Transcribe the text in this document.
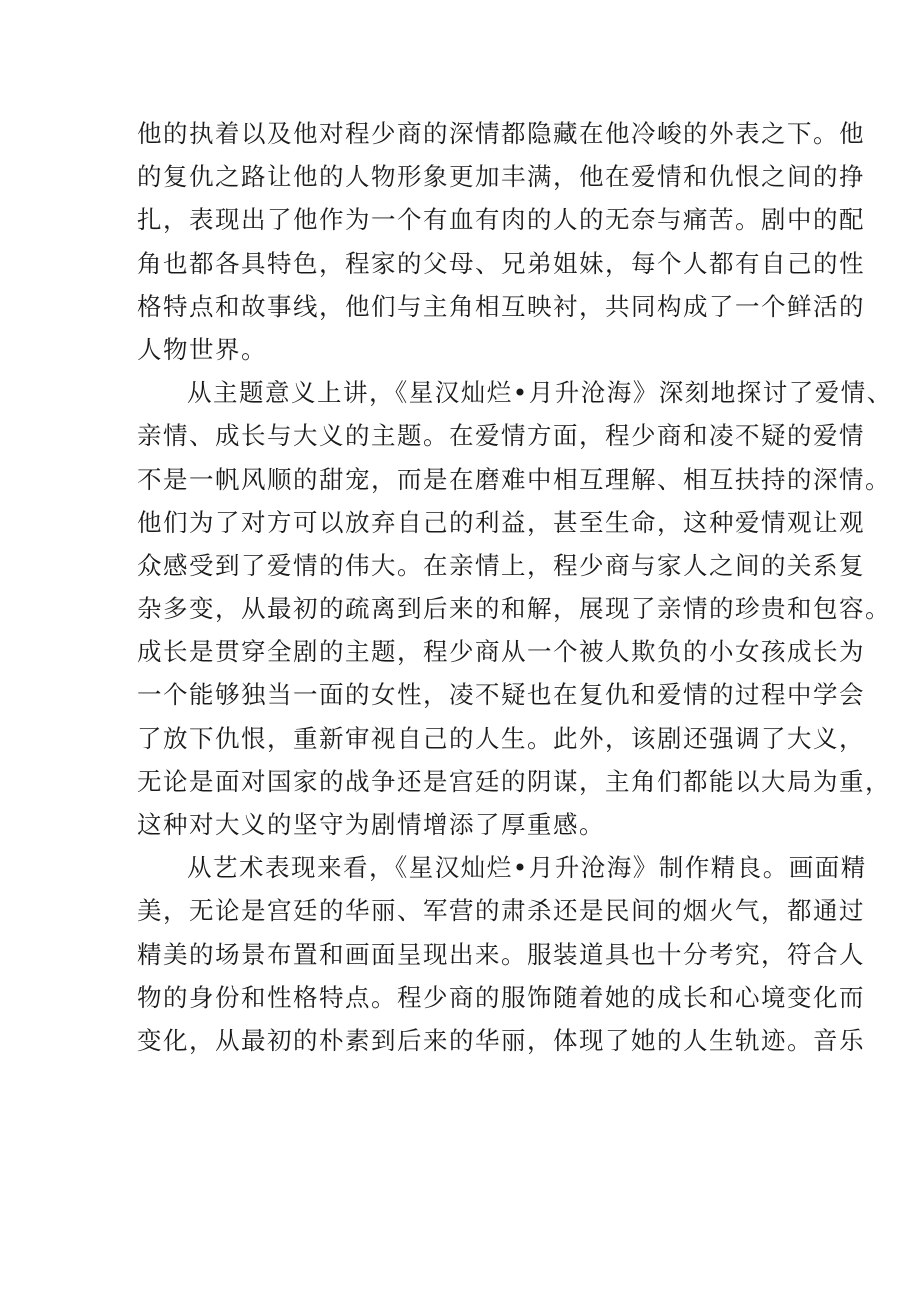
他的执着以及他对程少商的深情都隐藏在他冷峻的外表之下。他
的复仇之路让他的人物形象更加丰满，他在爱情和仇恨之间的挣
扎，表现出了他作为一个有血有肉的人的无奈与痛苦。剧中的配
角也都各具特色，程家的父母、兄弟姐妹，每个人都有自己的性
格特点和故事线，他们与主角相互映衬，共同构成了一个鲜活的
人物世界。
从主题意义上讲，《星汉灿烂•月升沧海》深刻地探讨了爱情、
亲情、成长与大义的主题。在爱情方面，程少商和凌不疑的爱情
不是一帆风顺的甜宠，而是在磨难中相互理解、相互扶持的深情。
他们为了对方可以放弃自己的利益，甚至生命，这种爱情观让观
众感受到了爱情的伟大。在亲情上，程少商与家人之间的关系复
杂多变，从最初的疏离到后来的和解，展现了亲情的珍贵和包容。
成长是贯穿全剧的主题，程少商从一个被人欺负的小女孩成长为
一个能够独当一面的女性，凌不疑也在复仇和爱情的过程中学会
了放下仇恨，重新审视自己的人生。此外，该剧还强调了大义，
无论是面对国家的战争还是宫廷的阴谋，主角们都能以大局为重，
这种对大义的坚守为剧情增添了厚重感。
从艺术表现来看，《星汉灿烂•月升沧海》制作精良。画面精
美，无论是宫廷的华丽、军营的肃杀还是民间的烟火气，都通过
精美的场景布置和画面呈现出来。服装道具也十分考究，符合人
物的身份和性格特点。程少商的服饰随着她的成长和心境变化而
变化，从最初的朴素到后来的华丽，体现了她的人生轨迹。音乐
